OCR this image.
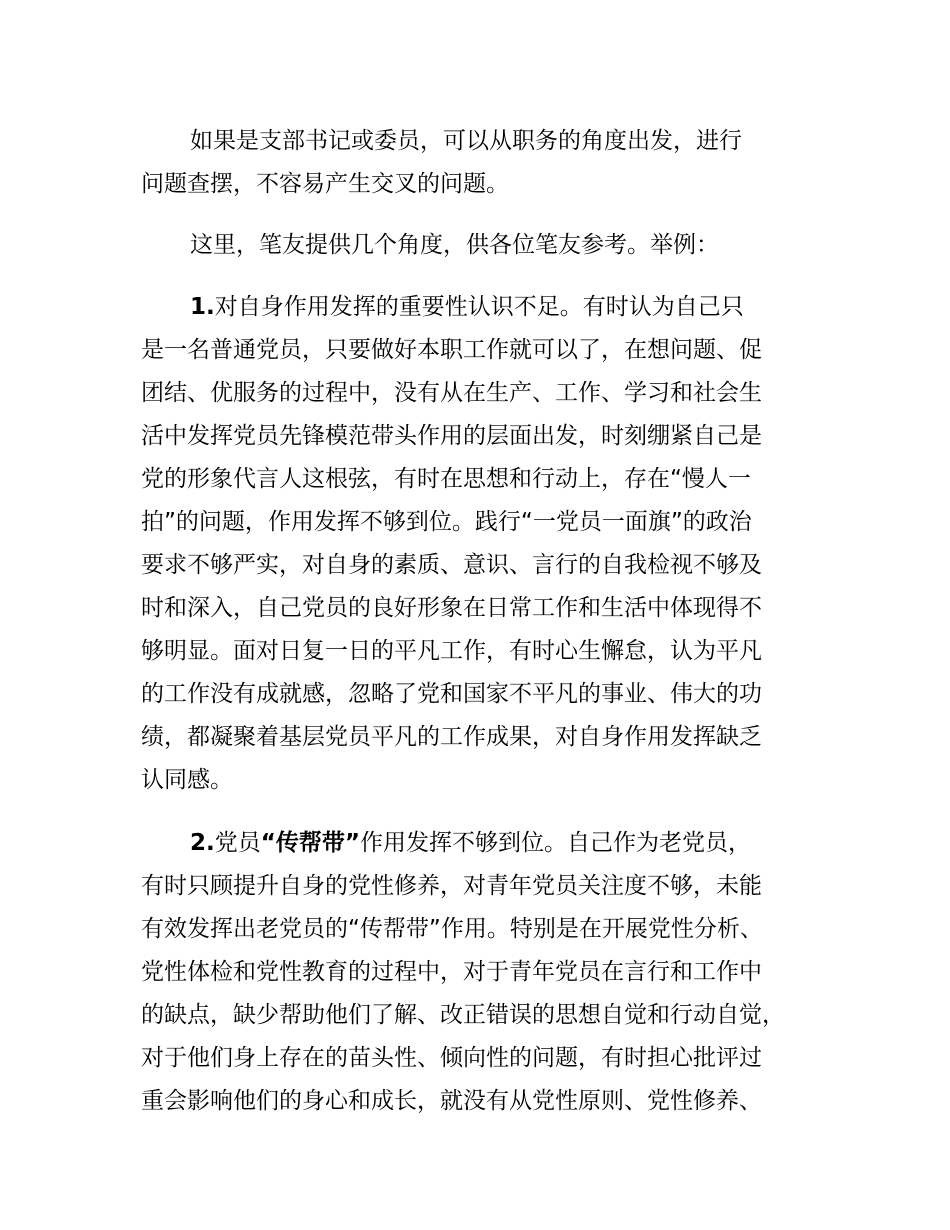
如果是支部书记或委员，可以从职务的角度出发，进行
问题查摆，不容易产生交叉的问题。
这里，笔友提供几个角度，供各位笔友参考。举例：
1.对自身作用发挥的重要性认识不足。有时认为自己只
是一名普通党员，只要做好本职工作就可以了，在想问题、促
团结、优服务的过程中，没有从在生产、工作、学习和社会生
活中发挥党员先锋模范带头作用的层面出发，时刻绷紧自己是
党的形象代言人这根弦，有时在思想和行动上，存在“慢人一
拍”的问题，作用发挥不够到位。践行“一党员一面旗”的政治
要求不够严实，对自身的素质、意识、言行的自我检视不够及
时和深入，自己党员的良好形象在日常工作和生活中体现得不
够明显。面对日复一日的平凡工作，有时心生懈怠，认为平凡
的工作没有成就感，忽略了党和国家不平凡的事业、伟大的功
绩，都凝聚着基层党员平凡的工作成果，对自身作用发挥缺乏
认同感。
2.党员“传帮带”作用发挥不够到位。自己作为老党员，
有时只顾提升自身的党性修养，对青年党员关注度不够，未能
有效发挥出老党员的“传帮带”作用。特别是在开展党性分析、
党性体检和党性教育的过程中，对于青年党员在言行和工作中
的缺点，缺少帮助他们了解、改正错误的思想自觉和行动自觉，
对于他们身上存在的苗头性、倾向性的问题，有时担心批评过
重会影响他们的身心和成长，就没有从党性原则、党性修养、
